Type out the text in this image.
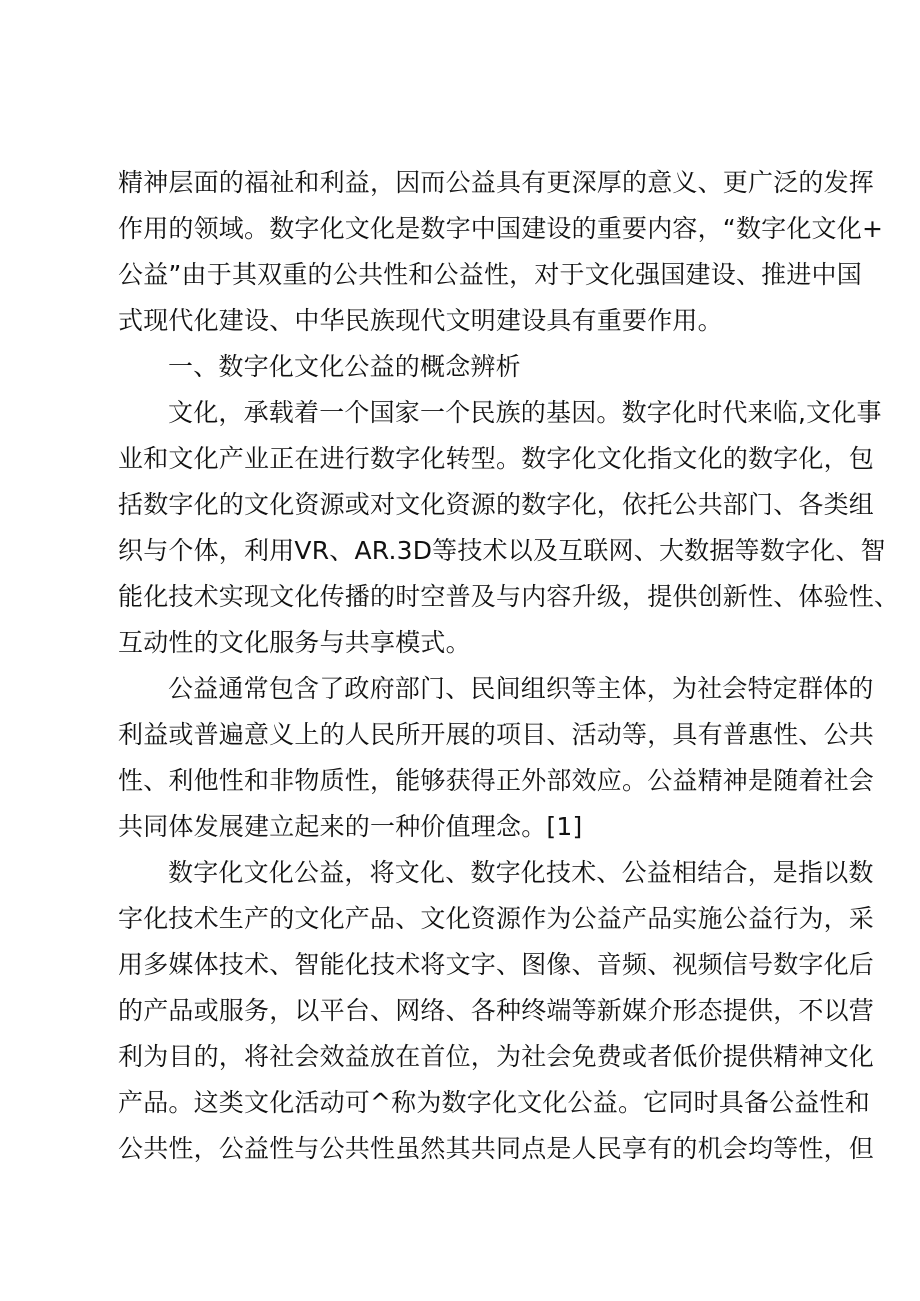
精神层面的福祉和利益，因而公益具有更深厚的意义、更广泛的发挥
作用的领域。数字化文化是数字中国建设的重要内容，“数字化文化+
公益”由于其双重的公共性和公益性，对于文化强国建设、推进中国
式现代化建设、中华民族现代文明建设具有重要作用。
一、数字化文化公益的概念辨析
文化，承载着一个国家一个民族的基因。数字化时代来临,文化事
业和文化产业正在进行数字化转型。数字化文化指文化的数字化，包
括数字化的文化资源或对文化资源的数字化，依托公共部门、各类组
织与个体，利用VR、AR.3D等技术以及互联网、大数据等数字化、智
能化技术实现文化传播的时空普及与内容升级，提供创新性、体验性、
互动性的文化服务与共享模式。
公益通常包含了政府部门、民间组织等主体，为社会特定群体的
利益或普遍意义上的人民所开展的项目、活动等，具有普惠性、公共
性、利他性和非物质性，能够获得正外部效应。公益精神是随着社会
共同体发展建立起来的一种价值理念。[1]
数字化文化公益，将文化、数字化技术、公益相结合，是指以数
字化技术生产的文化产品、文化资源作为公益产品实施公益行为，采
用多媒体技术、智能化技术将文字、图像、音频、视频信号数字化后
的产品或服务，以平台、网络、各种终端等新媒介形态提供，不以营
利为目的，将社会效益放在首位，为社会免费或者低价提供精神文化
产品。这类文化活动可^称为数字化文化公益。它同时具备公益性和
公共性，公益性与公共性虽然其共同点是人民享有的机会均等性，但
